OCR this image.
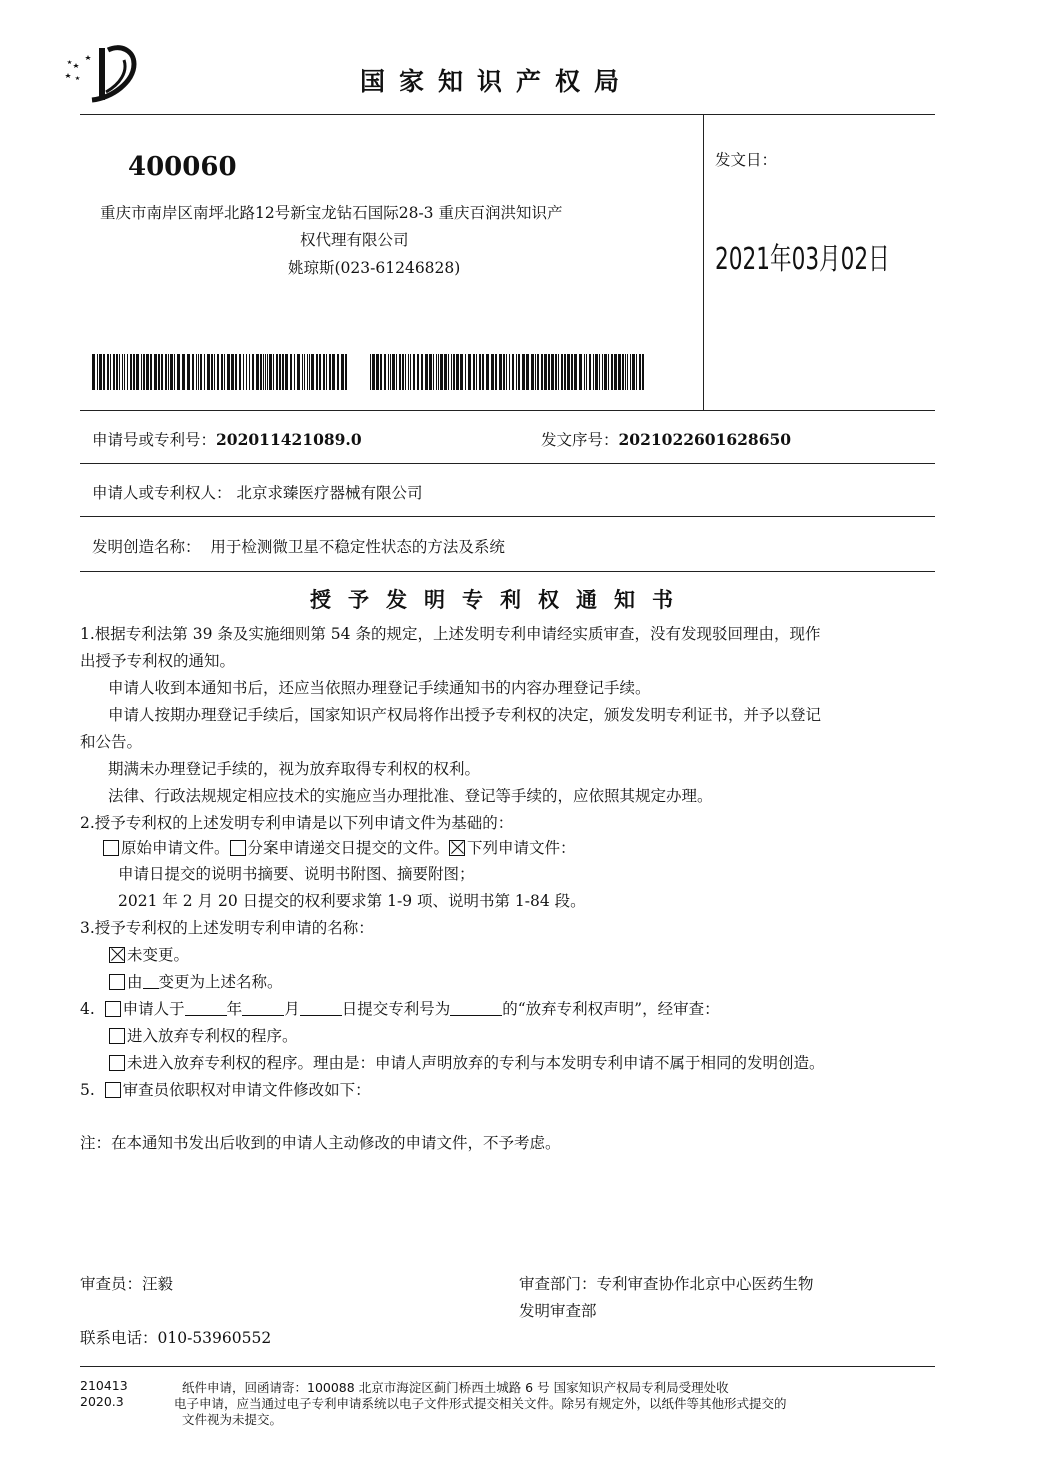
国家知识产权局
400060
重庆市南岸区南坪北路12号新宝龙钻石国际28-3 重庆百润洪知识产
权代理有限公司
姚琼斯(023-61246828)
发文日：
2021年03月02日
申请号或专利号：202011421089.0	发文序号：2021022601628650
申请人或专利权人： 北京求臻医疗器械有限公司
发明创造名称： 用于检测微卫星不稳定性状态的方法及系统
授予发明专利权通知书
1.根据专利法第 39 条及实施细则第 54 条的规定，上述发明专利申请经实质审查，没有发现驳回理由，现作
出授予专利权的通知。
申请人收到本通知书后，还应当依照办理登记手续通知书的内容办理登记手续。
申请人按期办理登记手续后，国家知识产权局将作出授予专利权的决定，颁发发明专利证书，并予以登记
和公告。
期满未办理登记手续的，视为放弃取得专利权的权利。
法律、行政法规规定相应技术的实施应当办理批准、登记等手续的，应依照其规定办理。
2.授予专利权的上述发明专利申请是以下列申请文件为基础的：
原始申请文件。 分案申请递交日提交的文件。 下列申请文件：
申请日提交的说明书摘要、说明书附图、摘要附图；
2021 年 2 月 20 日提交的权利要求第 1-9 项、说明书第 1-84 段。
3.授予专利权的上述发明专利申请的名称：
未变更。
由 变更为上述名称。
4. 申请人于	年	月	日提交专利号为	的“放弃专利权声明”，经审查：
进入放弃专利权的程序。
未进入放弃专利权的程序。理由是：申请人声明放弃的专利与本发明专利申请不属于相同的发明创造。
5. 审查员依职权对申请文件修改如下：
注：在本通知书发出后收到的申请人主动修改的申请文件，不予考虑。
审查员：汪毅	审查部门：专利审查协作北京中心医药生物
发明审查部
联系电话：010-53960552
210413
2020.3
纸件申请，回函请寄：100088 北京市海淀区蓟门桥西土城路 6 号 国家知识产权局专利局受理处收
电子申请，应当通过电子专利申请系统以电子文件形式提交相关文件。除另有规定外，以纸件等其他形式提交的
文件视为未提交。
